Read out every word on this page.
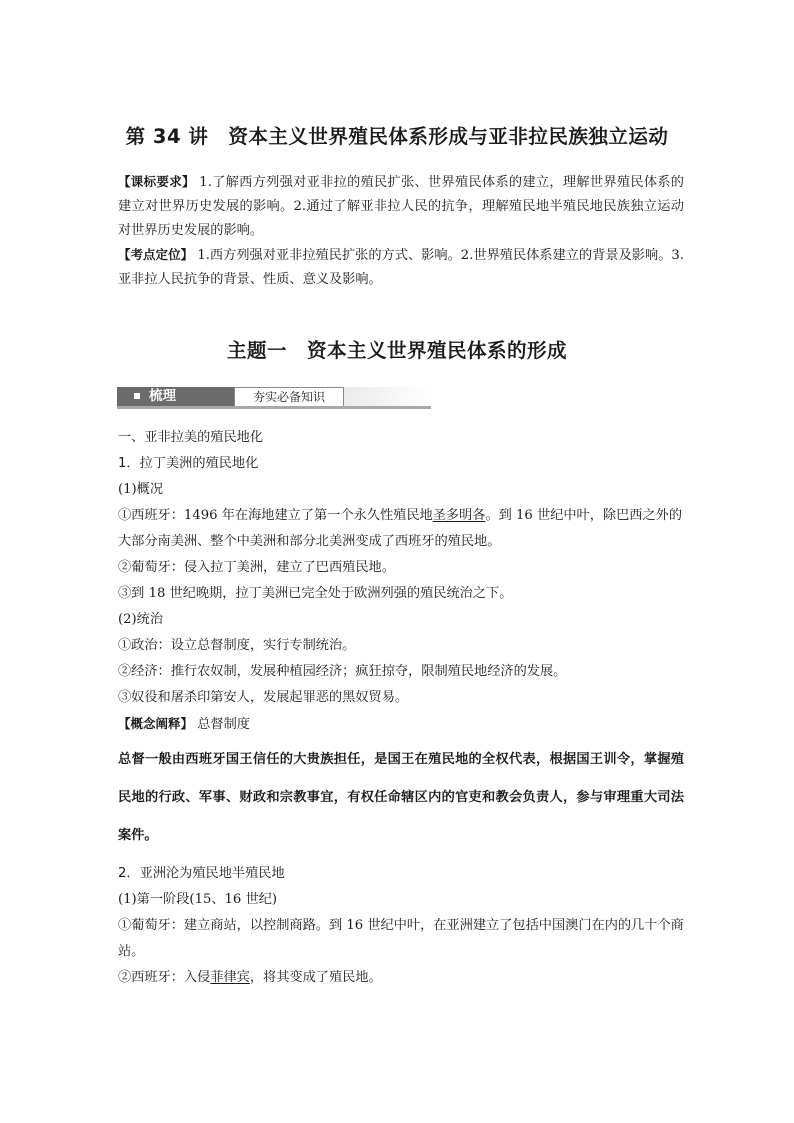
第 34 讲　资本主义世界殖民体系形成与亚非拉民族独立运动
【课标要求】 1.了解西方列强对亚非拉的殖民扩张、世界殖民体系的建立，理解世界殖民体系的建立对世界历史发展的影响。2.通过了解亚非拉人民的抗争，理解殖民地半殖民地民族独立运动对世界历史发展的影响。
【考点定位】 1.西方列强对亚非拉殖民扩张的方式、影响。2.世界殖民体系建立的背景及影响。3.亚非拉人民抗争的背景、性质、意义及影响。
主题一　资本主义世界殖民体系的形成
梳理	夯实必备知识
一、亚非拉美的殖民地化
1．拉丁美洲的殖民地化
(1)概况
①西班牙：1496 年在海地建立了第一个永久性殖民地圣多明各。到 16 世纪中叶，除巴西之外的大部分南美洲、整个中美洲和部分北美洲变成了西班牙的殖民地。
②葡萄牙：侵入拉丁美洲，建立了巴西殖民地。
③到 18 世纪晚期，拉丁美洲已完全处于欧洲列强的殖民统治之下。
(2)统治
①政治：设立总督制度，实行专制统治。
②经济：推行农奴制，发展种植园经济；疯狂掠夺，限制殖民地经济的发展。
③奴役和屠杀印第安人，发展起罪恶的黑奴贸易。
【概念阐释】 总督制度
总督一般由西班牙国王信任的大贵族担任，是国王在殖民地的全权代表，根据国王训令，掌握殖民地的行政、军事、财政和宗教事宜，有权任命辖区内的官吏和教会负责人，参与审理重大司法案件。
2．亚洲沦为殖民地半殖民地
(1)第一阶段(15、16 世纪)
①葡萄牙：建立商站，以控制商路。到 16 世纪中叶，在亚洲建立了包括中国澳门在内的几十个商站。
②西班牙：入侵菲律宾，将其变成了殖民地。
